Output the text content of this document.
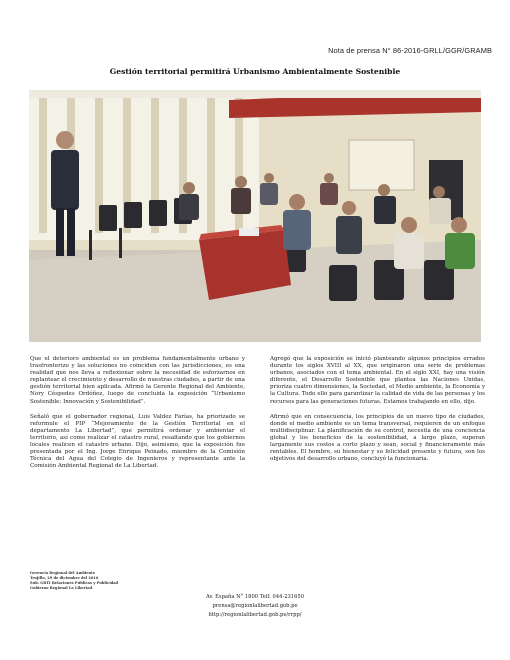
Nota de prensa N° 86-2016-GRLL/GGR/GRAMB
Gestión territorial permitirá Urbanismo Ambientalmente Sostenible

Que el deterioro ambiental es un problema fundamentalmente urbano y trasfronterizo y las soluciones no coinciden con las jurisdicciones, es una realidad que nos lleva a reflexionar sobre la necesidad de esforzarnos en replantear el crecimiento y desarrollo de nuestras ciudades, a partir de una gestión territorial bien aplicada. Afirmó la Gerente Regional del Ambiente, Nory Céspedes Ordóñez, luego de concluida la exposición “Urbanismo Sostenible: Innovación y Sostenibilidad”.

Señaló que el gobernador regional, Luis Valdez Farías, ha priorizado se reformule el PIP “Mejoramiento de la Gestión Territorial en el departamento La Libertad”, que permitirá ordenar y ambientar el territorio, así como realizar el catastro rural, resaltando que los gobiernos locales realicen el catastro urbano. Dijo, asimismo, que la exposición fue presentada por el Ing. Jorge Enrique Peinado, miembro de la Comisión Técnica del Agua del Colegio de Ingenieros y representante ante la Comisión Ambiental Regional de La Libertad.

Agregó que la exposición se inició planteando algunos principios errados durante los siglos XVIII al XX, que originaron una serie de problemas urbanos, asociados con el tema ambiental. En el siglo XXI, hay una visión diferente, el Desarrollo Sostenible que plantea las Naciones Unidas, prioriza cuatro dimensiones, la Sociedad, el Medio ambiente, la Economía y la Cultura. Todo ello para garantizar la calidad de vida de las personas y los recursos para las generaciones futuras. Estamos trabajando en ello, dijo.

Afirmó que en consecuencia, los principios de un nuevo tipo de ciudades, donde el medio ambiente es un tema transversal, requieren de un enfoque multidisciplinar. La planificación de su control, necesita de una conciencia global y los beneficios de la sostenibilidad, a largo plazo, superan largamente sus costos a corto plazo y sean, social y financieramente más rentables. El hombre, su bienestar y su felicidad presente y futura, son los objetivos del desarrollo urbano, concluyó la funcionaria.

Gerencia Regional del Ambiente
Trujillo, 29 de diciembre del 2016
Sub. GRTI Relaciones Públicas y Publicidad
Gobierno Regional La Libertad
Av. España N° 1800 Telf. 044-231650
prensa@regionlalibertad.gob.pe
http://regionlalibertad.gob.pe/rrpp/
